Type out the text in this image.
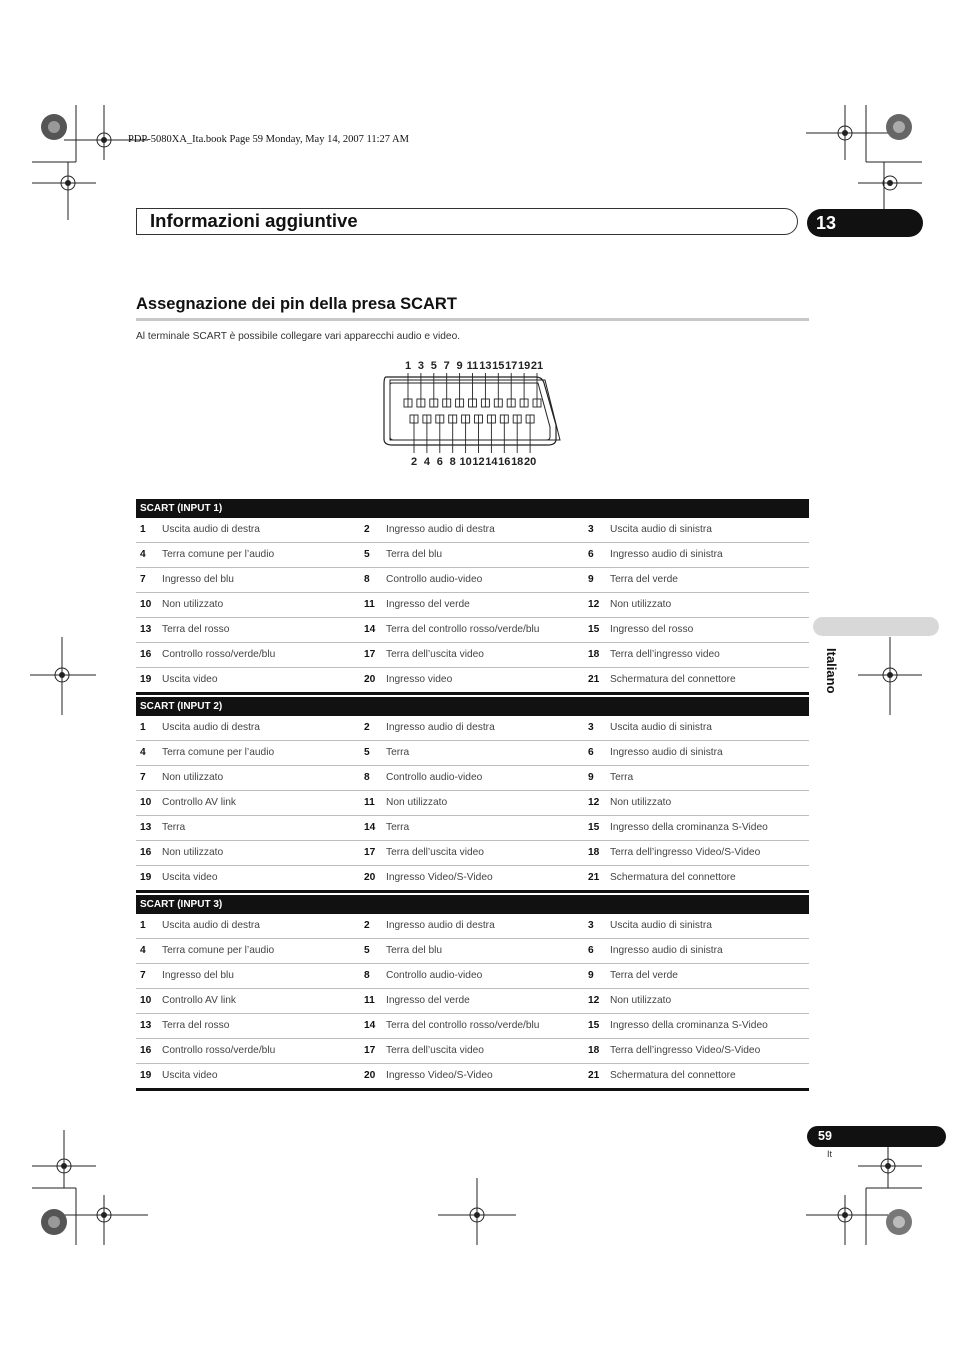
PDP-5080XA_Ita.book Page 59 Monday, May 14, 2007 11:27 AM
Informazioni aggiuntive	13
Assegnazione dei pin della presa SCART
Al terminale SCART è possibile collegare vari apparecchi audio e video.
1 3 5 7 9 11 13 15 17 19 21
2 4 6 8 10 12 14 16 18 20
SCART (INPUT 1)
1 Uscita audio di destra	2 Ingresso audio di destra	3 Uscita audio di sinistra
4 Terra comune per l’audio	5 Terra del blu	6 Ingresso audio di sinistra
7 Ingresso del blu	8 Controllo audio-video	9 Terra del verde
10 Non utilizzato	11 Ingresso del verde	12 Non utilizzato
13 Terra del rosso	14 Terra del controllo rosso/verde/blu	15 Ingresso del rosso
16 Controllo rosso/verde/blu	17 Terra dell’uscita video	18 Terra dell’ingresso video
19 Uscita video	20 Ingresso video	21 Schermatura del connettore
SCART (INPUT 2)
1 Uscita audio di destra	2 Ingresso audio di destra	3 Uscita audio di sinistra
4 Terra comune per l’audio	5 Terra	6 Ingresso audio di sinistra
7 Non utilizzato	8 Controllo audio-video	9 Terra
10 Controllo AV link	11 Non utilizzato	12 Non utilizzato
13 Terra	14 Terra	15 Ingresso della crominanza S-Video
16 Non utilizzato	17 Terra dell’uscita video	18 Terra dell’ingresso Video/S-Video
19 Uscita video	20 Ingresso Video/S-Video	21 Schermatura del connettore
SCART (INPUT 3)
1 Uscita audio di destra	2 Ingresso audio di destra	3 Uscita audio di sinistra
4 Terra comune per l’audio	5 Terra del blu	6 Ingresso audio di sinistra
7 Ingresso del blu	8 Controllo audio-video	9 Terra del verde
10 Controllo AV link	11 Ingresso del verde	12 Non utilizzato
13 Terra del rosso	14 Terra del controllo rosso/verde/blu	15 Ingresso della crominanza S-Video
16 Controllo rosso/verde/blu	17 Terra dell’uscita video	18 Terra dell’ingresso Video/S-Video
19 Uscita video	20 Ingresso Video/S-Video	21 Schermatura del connettore
Italiano
59
It
